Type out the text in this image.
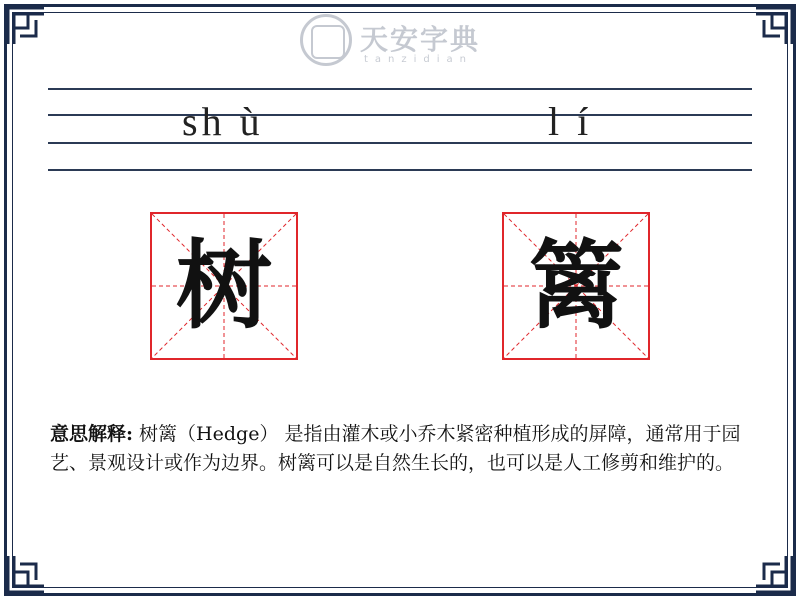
天安字典
tanzidian
sh ù	l í
树	篱
意思解释: 树篱（Hedge） 是指由灌木或小乔木紧密种植形成的屏障，通常用于园艺、景观设计或作为边界。树篱可以是自然生长的，也可以是人工修剪和维护的。
